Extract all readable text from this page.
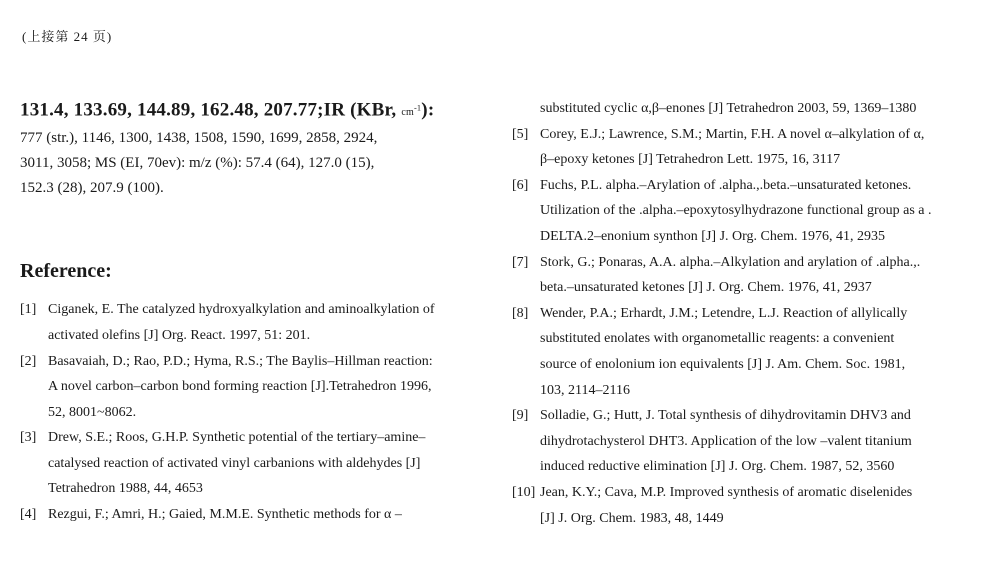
(上接第 24 页)
131.4, 133.69, 144.89, 162.48, 207.77;IR (KBr, $cm^{-1}$):
777 (str.), 1146, 1300, 1438, 1508, 1590, 1699, 2858, 2924,
3011, 3058; MS (EI, 70ev): m/z (%): 57.4 (64), 127.0 (15),
152.3 (28), 207.9 (100).
Reference:
[1] Ciganek, E. The catalyzed hydroxyalkylation and aminoalkylation of
activated olefins [J] Org. React. 1997, 51: 201.
[2] Basavaiah, D.; Rao, P.D.; Hyma, R.S.; The Baylis–Hillman reaction:
A novel carbon–carbon bond forming reaction [J].Tetrahedron 1996,
52, 8001~8062.
[3] Drew, S.E.; Roos, G.H.P. Synthetic potential of the tertiary–amine–
catalysed reaction of activated vinyl carbanions with aldehydes [J]
Tetrahedron 1988, 44, 4653
[4] Rezgui, F.; Amri, H.; Gaied, M.M.E. Synthetic methods for α –
substituted cyclic α,β–enones [J] Tetrahedron 2003, 59, 1369–1380
[5] Corey, E.J.; Lawrence, S.M.; Martin, F.H. A novel α–alkylation of α,
β–epoxy ketones [J] Tetrahedron Lett. 1975, 16, 3117
[6] Fuchs, P.L. alpha.–Arylation of .alpha.,.beta.–unsaturated ketones.
Utilization of the .alpha.–epoxytosylhydrazone functional group as a .
DELTA.2–enonium synthon [J] J. Org. Chem. 1976, 41, 2935
[7] Stork, G.; Ponaras, A.A. alpha.–Alkylation and arylation of .alpha.,.
beta.–unsaturated ketones [J] J. Org. Chem. 1976, 41, 2937
[8] Wender, P.A.; Erhardt, J.M.; Letendre, L.J. Reaction of allylically
substituted enolates with organometallic reagents: a convenient
source of enolonium ion equivalents [J] J. Am. Chem. Soc. 1981,
103, 2114–2116
[9] Solladie, G.; Hutt, J. Total synthesis of dihydrovitamin DHV3 and
dihydrotachysterol DHT3. Application of the low –valent titanium
induced reductive elimination [J] J. Org. Chem. 1987, 52, 3560
[10] Jean, K.Y.; Cava, M.P. Improved synthesis of aromatic diselenides
[J] J. Org. Chem. 1983, 48, 1449
